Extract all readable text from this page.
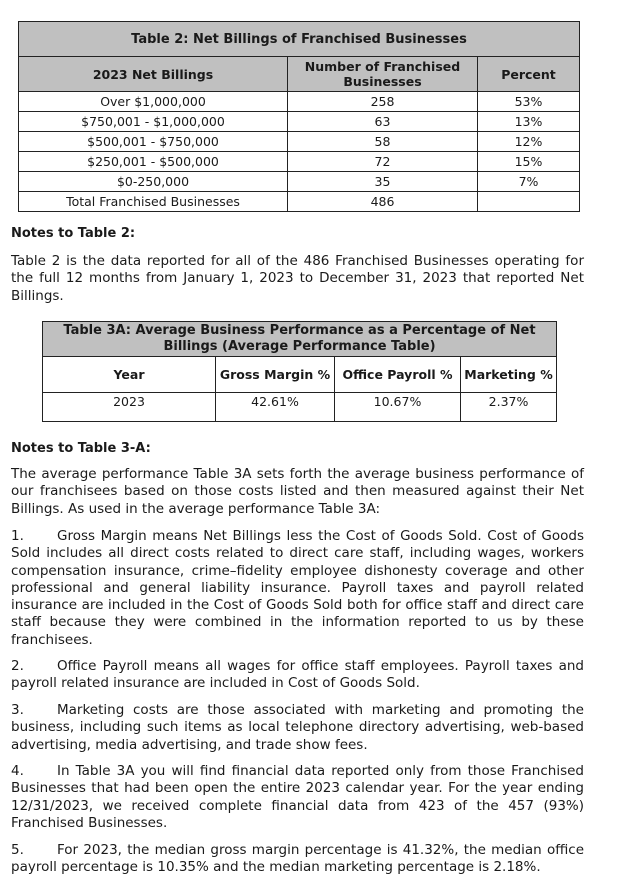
Table 2: Net Billings of Franchised Businesses		
2023 Net Billings	Number of Franchised Businesses	Percent
Over $1,000,000	258	53%
$750,001 - $1,000,000	63	13%
$500,001 - $750,000	58	12%
$250,001 - $500,000	72	15%
$0-250,000	35	7%
Total Franchised Businesses	486	
Notes to Table 2:

Table 2 is the data reported for all of the 486 Franchised Businesses operating for the full 12 months from January 1, 2023 to December 31, 2023 that reported Net Billings.

Table 3A: Average Business Performance as a Percentage of Net Billings (Average Performance Table)			
Year	Gross Margin %	Office Payroll %	Marketing %
2023	42.61%	10.67%	2.37%
Notes to Table 3-A:

The average performance Table 3A sets forth the average business performance of our franchisees based on those costs listed and then measured against their Net Billings. As used in the average performance Table 3A:

1. Gross Margin means Net Billings less the Cost of Goods Sold. Cost of Goods Sold includes all direct costs related to direct care staff, including wages, workers compensation insurance, crime–fidelity employee dishonesty coverage and other professional and general liability insurance. Payroll taxes and payroll related insurance are included in the Cost of Goods Sold both for office staff and direct care staff because they were combined in the information reported to us by these franchisees.

2. Office Payroll means all wages for office staff employees. Payroll taxes and payroll related insurance are included in Cost of Goods Sold.

3. Marketing costs are those associated with marketing and promoting the business, including such items as local telephone directory advertising, web-based advertising, media advertising, and trade show fees.

4. In Table 3A you will find financial data reported only from those Franchised Businesses that had been open the entire 2023 calendar year. For the year ending 12/31/2023, we received complete financial data from 423 of the 457 (93%) Franchised Businesses.

5. For 2023, the median gross margin percentage is 41.32%, the median office payroll percentage is 10.35% and the median marketing percentage is 2.18%.
